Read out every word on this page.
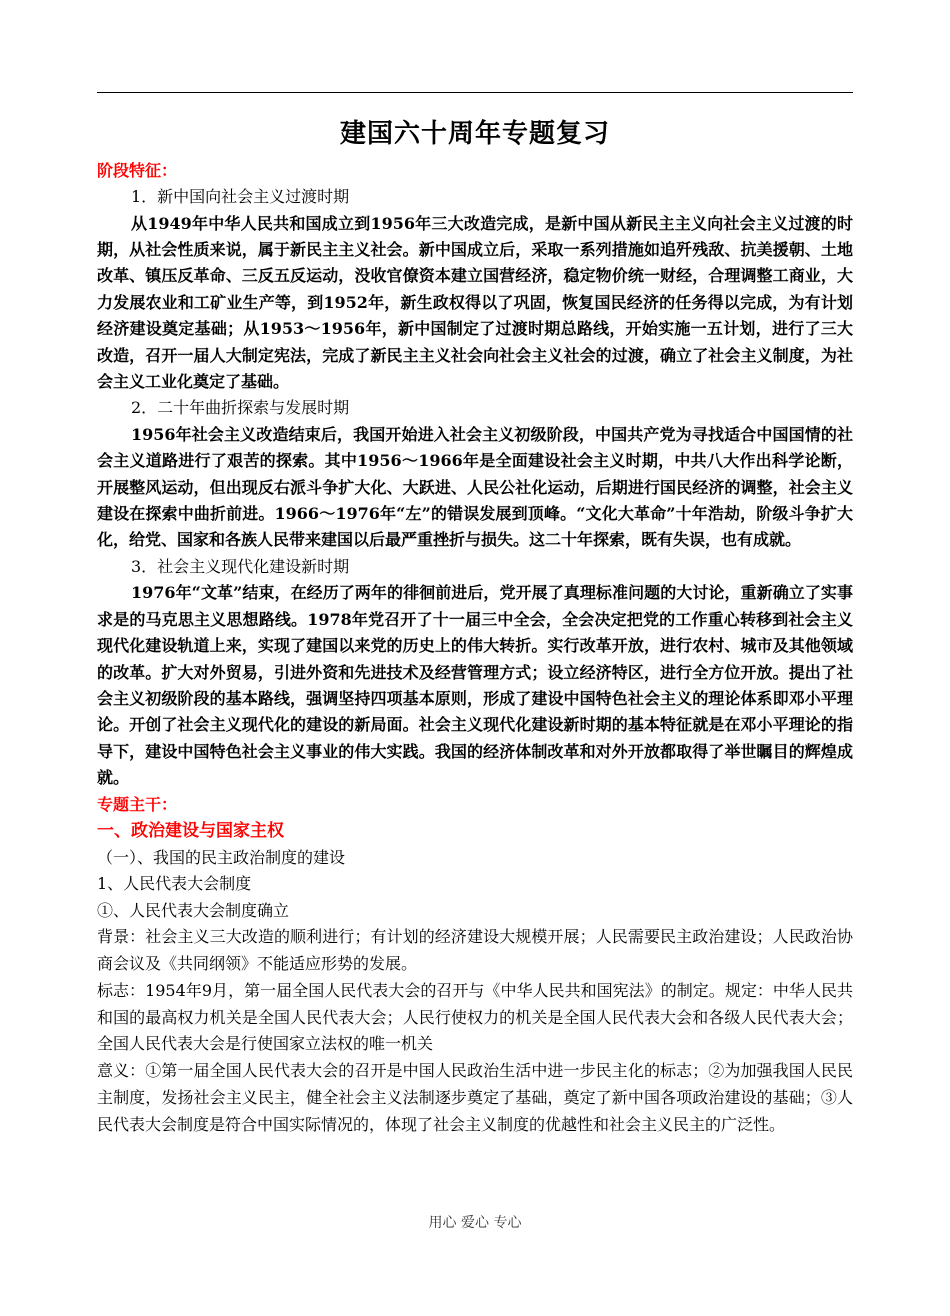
建国六十周年专题复习

阶段特征：

1．新中国向社会主义过渡时期

从1949年中华人民共和国成立到1956年三大改造完成，是新中国从新民主主义向社会主义过渡的时期，从社会性质来说，属于新民主主义社会。新中国成立后，采取一系列措施如追歼残敌、抗美援朝、土地改革、镇压反革命、三反五反运动，没收官僚资本建立国营经济，稳定物价统一财经，合理调整工商业，大力发展农业和工矿业生产等，到1952年，新生政权得以了巩固，恢复国民经济的任务得以完成，为有计划经济建设奠定基础；从1953～1956年，新中国制定了过渡时期总路线，开始实施一五计划，进行了三大改造，召开一届人大制定宪法，完成了新民主主义社会向社会主义社会的过渡，确立了社会主义制度，为社会主义工业化奠定了基础。

2．二十年曲折探索与发展时期

1956年社会主义改造结束后，我国开始进入社会主义初级阶段，中国共产党为寻找适合中国国情的社会主义道路进行了艰苦的探索。其中1956～1966年是全面建设社会主义时期，中共八大作出科学论断，开展整风运动，但出现反右派斗争扩大化、大跃进、人民公社化运动，后期进行国民经济的调整，社会主义建设在探索中曲折前进。1966～1976年“左”的错误发展到顶峰。“文化大革命”十年浩劫，阶级斗争扩大化，给党、国家和各族人民带来建国以后最严重挫折与损失。这二十年探索，既有失误，也有成就。

3．社会主义现代化建设新时期

1976年“文革”结束，在经历了两年的徘徊前进后，党开展了真理标准问题的大讨论，重新确立了实事求是的马克思主义思想路线。1978年党召开了十一届三中全会，全会决定把党的工作重心转移到社会主义现代化建设轨道上来，实现了建国以来党的历史上的伟大转折。实行改革开放，进行农村、城市及其他领域的改革。扩大对外贸易，引进外资和先进技术及经营管理方式；设立经济特区，进行全方位开放。提出了社会主义初级阶段的基本路线，强调坚持四项基本原则，形成了建设中国特色社会主义的理论体系即邓小平理论。开创了社会主义现代化的建设的新局面。社会主义现代化建设新时期的基本特征就是在邓小平理论的指导下，建设中国特色社会主义事业的伟大实践。我国的经济体制改革和对外开放都取得了举世瞩目的辉煌成就。

专题主干：

一、政治建设与国家主权

（一）、我国的民主政治制度的建设

1、人民代表大会制度

①、人民代表大会制度确立

背景：社会主义三大改造的顺利进行；有计划的经济建设大规模开展；人民需要民主政治建设；人民政治协商会议及《共同纲领》不能适应形势的发展。

标志：1954年9月，第一届全国人民代表大会的召开与《中华人民共和国宪法》的制定。规定：中华人民共和国的最高权力机关是全国人民代表大会；人民行使权力的机关是全国人民代表大会和各级人民代表大会；全国人民代表大会是行使国家立法权的唯一机关

意义：①第一届全国人民代表大会的召开是中国人民政治生活中进一步民主化的标志；②为加强我国人民民主制度，发扬社会主义民主，健全社会主义法制逐步奠定了基础，奠定了新中国各项政治建设的基础；③人民代表大会制度是符合中国实际情况的，体现了社会主义制度的优越性和社会主义民主的广泛性。

用心 爱心 专心
